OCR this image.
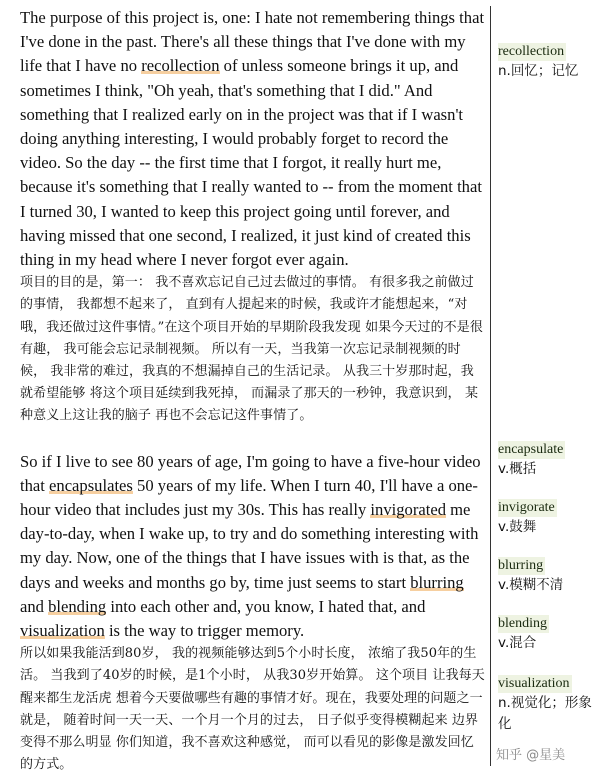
The purpose of this project is, one: I hate not remembering things that I've done in the past. There's all these things that I've done with my life that I have no recollection of unless someone brings it up, and sometimes I think, "Oh yeah, that's something that I did." And something that I realized early on in the project was that if I wasn't doing anything interesting, I would probably forget to record the video. So the day -- the first time that I forgot, it really hurt me, because it's something that I really wanted to -- from the moment that I turned 30, I wanted to keep this project going until forever, and having missed that one second, I realized, it just kind of created this thing in my head where I never forgot ever again.

项目的目的是，第一： 我不喜欢忘记自己过去做过的事情。 有很多我之前做过的事情， 我都想不起来了， 直到有人提起来的时候，我或许才能想起来，“对哦，我还做过这件事情。”在这个项目开始的早期阶段我发现 如果今天过的不是很有趣， 我可能会忘记录制视频。 所以有一天，当我第一次忘记录制视频的时候， 我非常的难过，我真的不想漏掉自己的生活记录。 从我三十岁那时起，我就希望能够 将这个项目延续到我死掉， 而漏录了那天的一秒钟，我意识到， 某种意义上这让我的脑子 再也不会忘记这件事情了。

So if I live to see 80 years of age, I'm going to have a five-hour video that encapsulates 50 years of my life. When I turn 40, I'll have a one-hour video that includes just my 30s. This has really invigorated me day-to-day, when I wake up, to try and do something interesting with my day. Now, one of the things that I have issues with is that, as the days and weeks and months go by, time just seems to start blurring and blending into each other and, you know, I hated that, and visualization is the way to trigger memory.

所以如果我能活到80岁， 我的视频能够达到5个小时长度， 浓缩了我50年的生活。 当我到了40岁的时候，是1个小时， 从我30岁开始算。 这个项目 让我每天醒来都生龙活虎 想着今天要做哪些有趣的事情才好。现在，我要处理的问题之一就是， 随着时间一天一天、一个月一个月的过去， 日子似乎变得模糊起来 边界变得不那么明显 你们知道，我不喜欢这种感觉， 而可以看见的影像是激发回忆的方式。

recollection
n.回忆；记忆
encapsulate
v.概括
invigorate
v.鼓舞
blurring
v.模糊不清
blending
v.混合
visualization
n.视觉化；形象化
知乎 @星美
